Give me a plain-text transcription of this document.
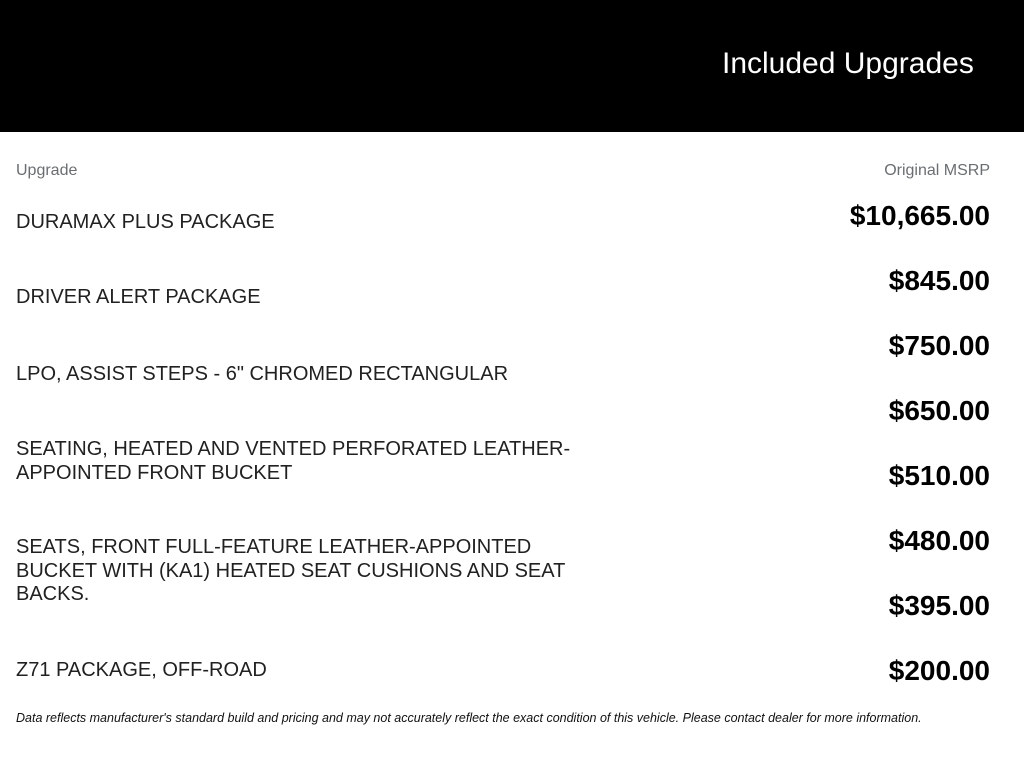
Included Upgrades
Upgrade	Original MSRP
DURAMAX PLUS PACKAGE
DRIVER ALERT PACKAGE
LPO, ASSIST STEPS - 6" CHROMED RECTANGULAR
SEATING, HEATED AND VENTED PERFORATED LEATHER-APPOINTED FRONT BUCKET
SEATS, FRONT FULL-FEATURE LEATHER-APPOINTED BUCKET WITH (KA1) HEATED SEAT CUSHIONS AND SEAT BACKS.
Z71 PACKAGE, OFF-ROAD
$10,665.00
$845.00
$750.00
$650.00
$510.00
$480.00
$395.00
$200.00
Data reflects manufacturer's standard build and pricing and may not accurately reflect the exact condition of this vehicle. Please contact dealer for more information.
